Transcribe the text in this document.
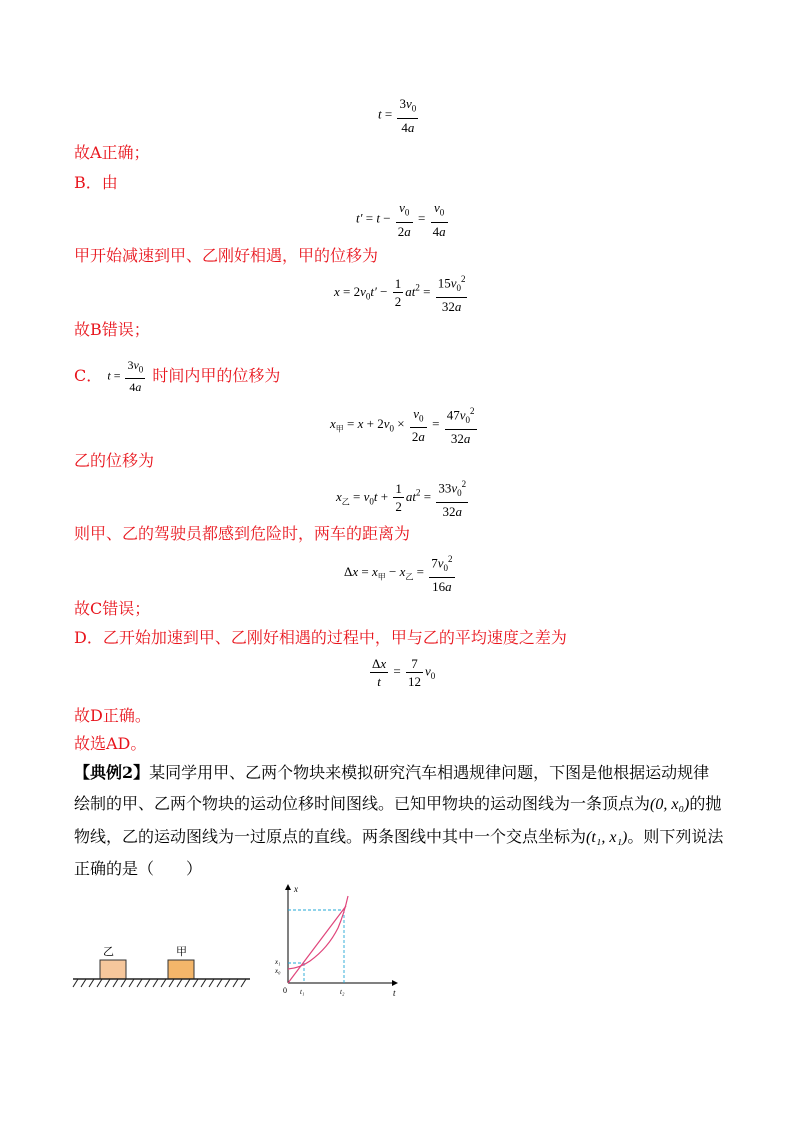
$t = \frac{3v_0}{4a}$
故A正确；
B．由
$t' = t - \frac{v_0}{2a} = \frac{v_0}{4a}$
甲开始减速到甲、乙刚好相遇，甲的位移为
$x = 2v_0t' - \frac{1}{2} at^2 = \frac{15v_0^2}{32a}$
故B错误；
C． $t = \frac{3v_0}{4a}$ 时间内甲的位移为
$x_甲 = x + 2v_0 \times \frac{v_0}{2a} = \frac{47v_0^2}{32a}$
乙的位移为
$x_乙 = v_0t + \frac{1}{2} at^2 = \frac{33v_0^2}{32a}$
则甲、乙的驾驶员都感到危险时，两车的距离为
$\Delta x = x_甲 - x_乙 = \frac{7v_0^2}{16a}$
故C错误；
D．乙开始加速到甲、乙刚好相遇的过程中，甲与乙的平均速度之差为
$\frac{\Delta x}{t} = \frac{7}{12} v_0$
故D正确。
故选AD。
【典例2】某同学用甲、乙两个物块来模拟研究汽车相遇规律问题，下图是他根据运动规律
绘制的甲、乙两个物块的运动位移时间图线。已知甲物块的运动图线为一条顶点为(0, x₀)的抛
物线，乙的运动图线为一过原点的直线。两条图线中其中一个交点坐标为(t₁, x₁)。则下列说法
正确的是（　　）
乙	甲
x
t
0
x₁
x₀
t₁	t₂
